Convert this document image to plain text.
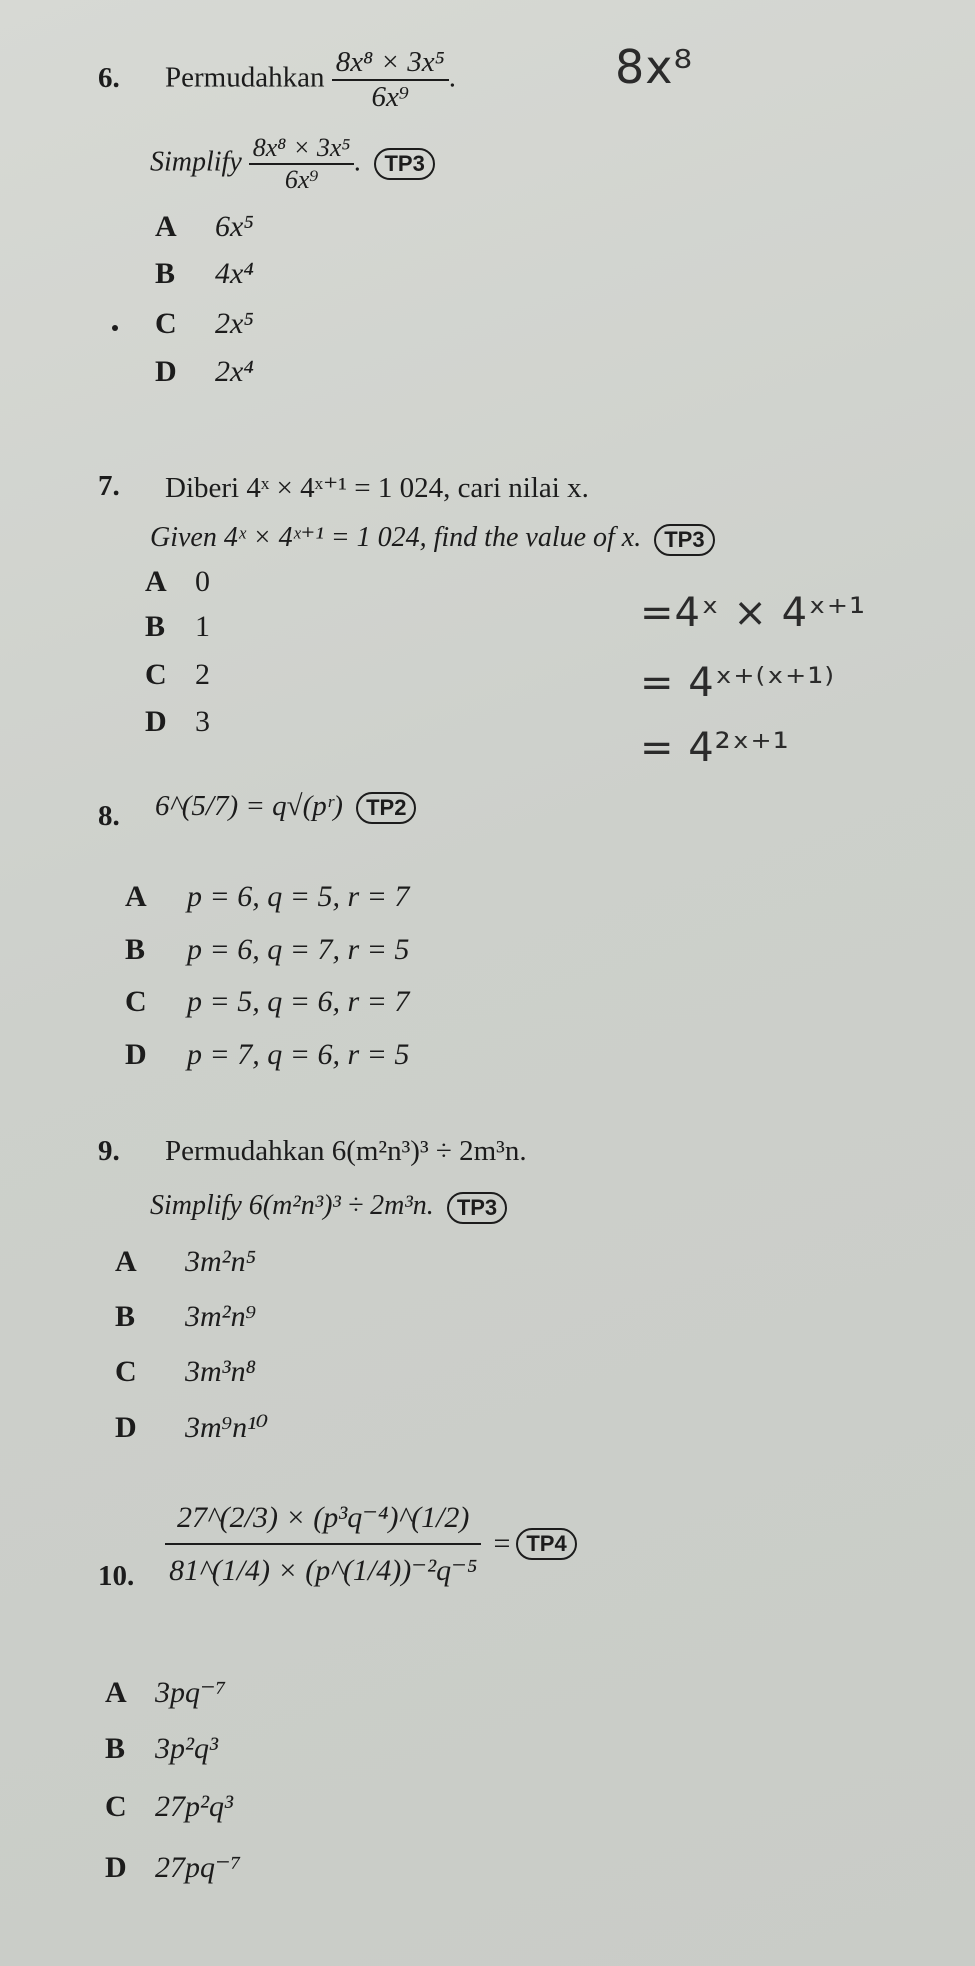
6. Permudahkan $\frac{\text{8x⁸ × 3x⁵}}{\text{6x⁹}}$ .
Simplify $\frac{\text{8x⁸ × 3x⁵}}{\text{6x⁹}}$ . TP3
A	6x⁵
B	4x⁴
C	2x⁵
D	2x⁴
8x⁸
7. Diberi 4ˣ × 4ˣ⁺¹ = 1 024, cari nilai x.
Given 4ˣ × 4ˣ⁺¹ = 1 024, find the value of x. TP3
A 0
B 1
C 2
D 3
=4ˣ × 4ˣ⁺¹
= 4ˣ⁺⁽ˣ⁺¹⁾
= 4²ˣ⁺¹
8. 6^(5/7) = q√(pʳ) TP2
A	p = 6, q = 5, r = 7
B	p = 6, q = 7, r = 5
C	p = 5, q = 6, r = 7
D	p = 7, q = 6, r = 5
9. Permudahkan 6(m²n³)³ ÷ 2m³n.
Simplify 6(m²n³)³ ÷ 2m³n. TP3
A	3m²n⁵
B	3m²n⁹
C	3m³n⁸
D	3m⁹n¹⁰
10. $\frac{\text{27\textasciicircum{}(2/3) × (p³q⁻⁴)\textasciicircum{}(1/2)}}{\text{81\textasciicircum{}(1/4) × (p\textasciicircum{}(1/4))⁻²q⁻⁵}} = TP4$
A 3pq⁻⁷
B 3p²q³
C 27p²q³
D 27pq⁻⁷
